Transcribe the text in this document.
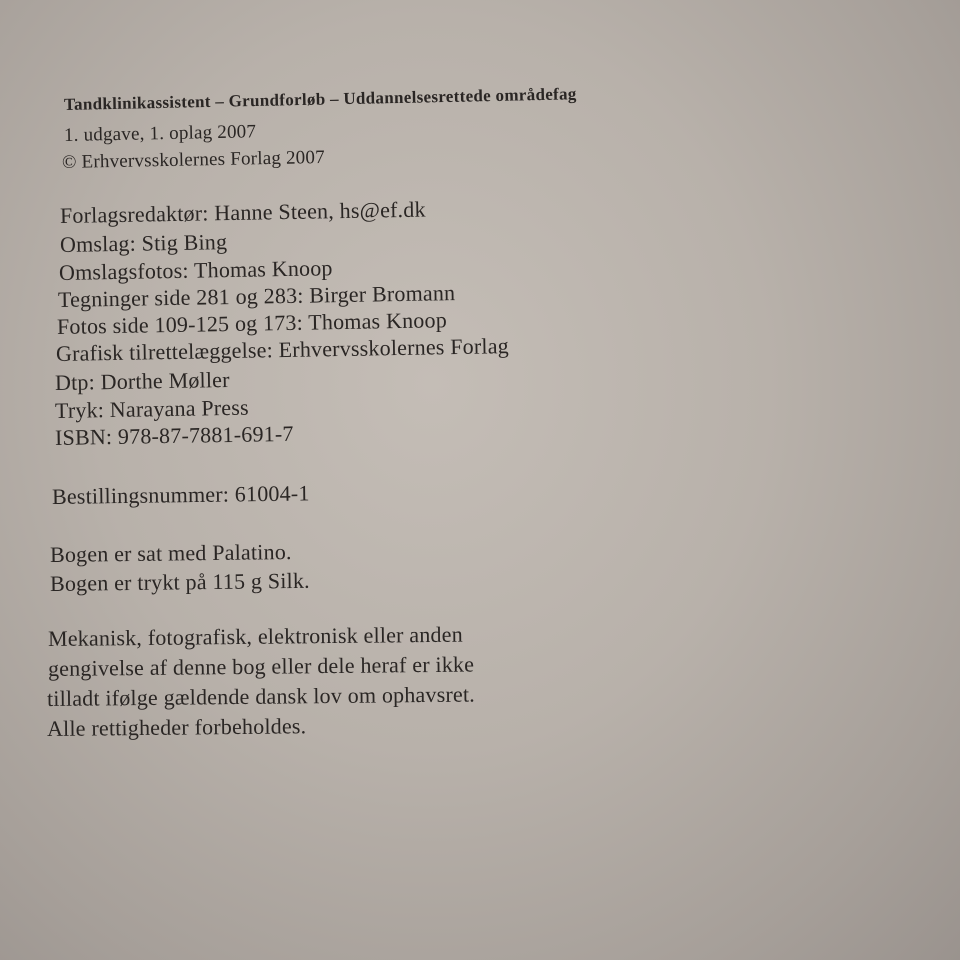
Tandklinikassistent – Grundforløb – Uddannelsesrettede områdefag
1. udgave, 1. oplag 2007
© Erhvervsskolernes Forlag 2007
Forlagsredaktør: Hanne Steen, hs@ef.dk
Omslag: Stig Bing
Omslagsfotos: Thomas Knoop
Tegninger side 281 og 283: Birger Bromann
Fotos side 109-125 og 173: Thomas Knoop
Grafisk tilrettelæggelse: Erhvervsskolernes Forlag
Dtp: Dorthe Møller
Tryk: Narayana Press
ISBN: 978-87-7881-691-7
Bestillingsnummer: 61004-1
Bogen er sat med Palatino.
Bogen er trykt på 115 g Silk.
Mekanisk, fotografisk, elektronisk eller anden
gengivelse af denne bog eller dele heraf er ikke
tilladt ifølge gældende dansk lov om ophavsret.
Alle rettigheder forbeholdes.
